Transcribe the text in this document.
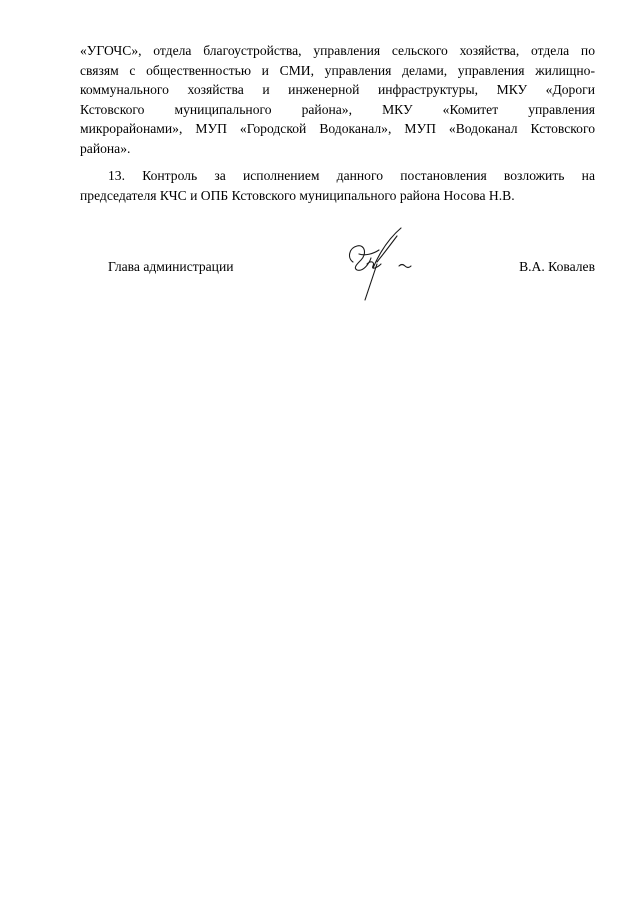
«УГОЧС», отдела благоустройства, управления сельского хозяйства, отдела по
связям с общественностью и СМИ, управления делами, управления жилищно-
коммунального хозяйства и инженерной инфраструктуры, МКУ «Дороги
Кстовского муниципального района», МКУ «Комитет управления
микрорайонами», МУП «Городской Водоканал», МУП «Водоканал Кстовского
района».

13. Контроль за исполнением данного постановления возложить на
председателя КЧС и ОПБ Кстовского муниципального района Носова Н.В.

Глава администрации	В.А. Ковалев
